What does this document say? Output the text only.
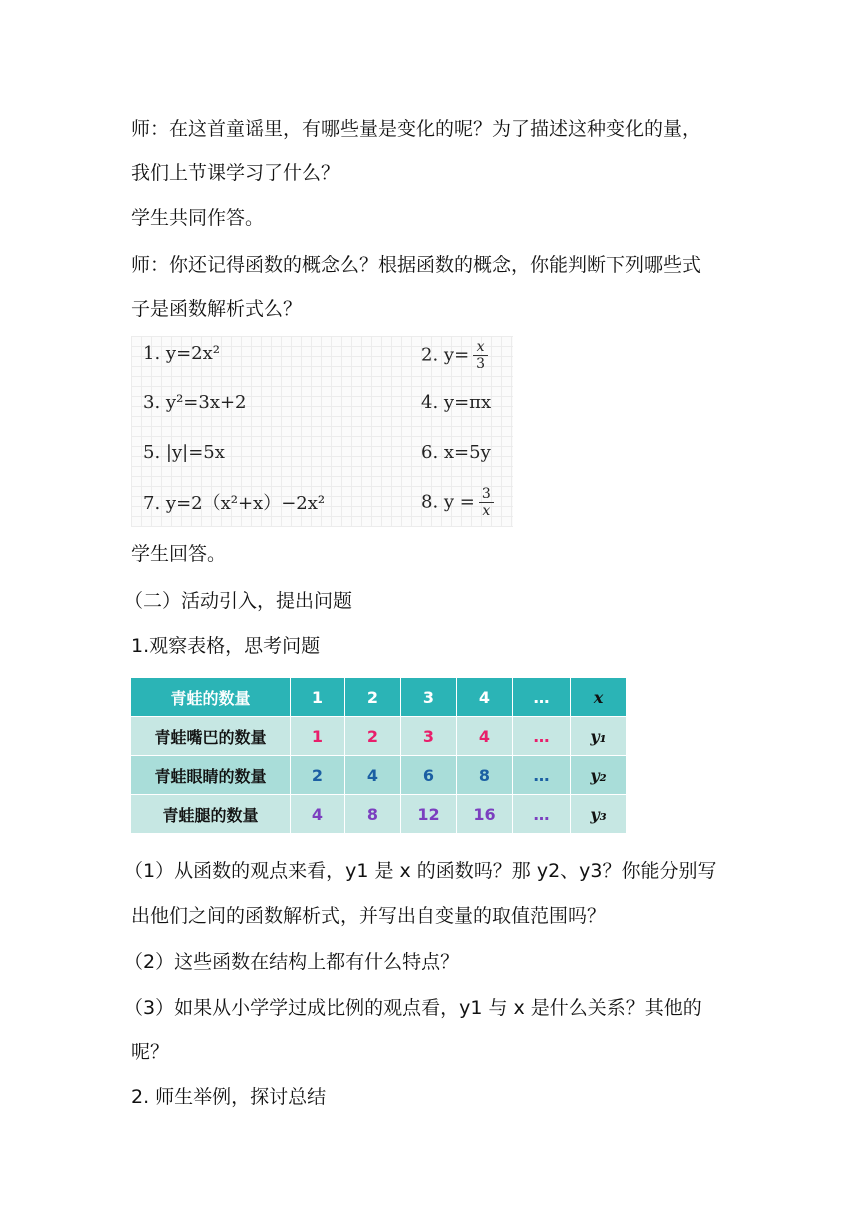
师：在这首童谣里，有哪些量是变化的呢？为了描述这种变化的量，
我们上节课学习了什么？
学生共同作答。
师：你还记得函数的概念么？根据函数的概念，你能判断下列哪些式
子是函数解析式么？
1. y=2x²	2. $y= \frac{x}{3}$
3. y²=3x+2	4. y=πx
5. |y|=5x	6. x=5y
7. y=2（x²+x）−2x²	8. $y = \frac{3}{x}$
学生回答。
（二）活动引入，提出问题
1.观察表格，思考问题
青蛙的数量	1	2	3	4	…	x
青蛙嘴巴的数量	1	2	3	4	…	y₁
青蛙眼睛的数量	2	4	6	8	…	y₂
青蛙腿的数量	4	8	12	16	…	y₃
（1）从函数的观点来看，y1 是 x 的函数吗？那 y2、y3？你能分别写
出他们之间的函数解析式，并写出自变量的取值范围吗？
（2）这些函数在结构上都有什么特点？
（3）如果从小学学过成比例的观点看，y1 与 x 是什么关系？其他的
呢？
2. 师生举例，探讨总结
